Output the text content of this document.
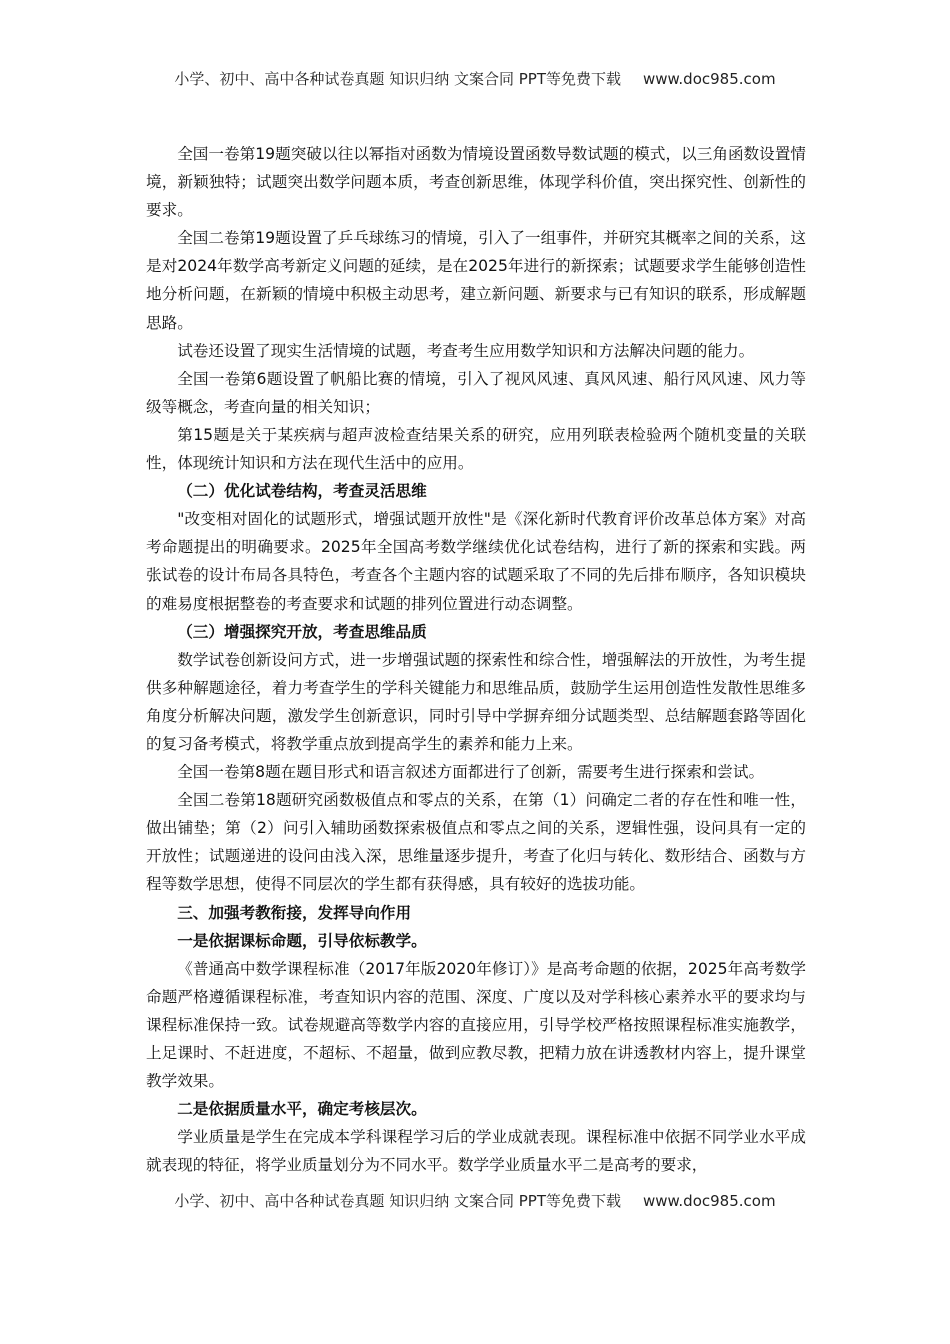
小学、初中、高中各种试卷真题 知识归纳 文案合同 PPT等免费下载 www.doc985.com

全国一卷第19题突破以往以幂指对函数为情境设置函数导数试题的模式，以三角函数设置情境，新颖独特；试题突出数学问题本质，考查创新思维，体现学科价值，突出探究性、创新性的要求。

全国二卷第19题设置了乒乓球练习的情境，引入了一组事件，并研究其概率之间的关系，这是对2024年数学高考新定义问题的延续，是在2025年进行的新探索；试题要求学生能够创造性地分析问题，在新颖的情境中积极主动思考，建立新问题、新要求与已有知识的联系，形成解题思路。

试卷还设置了现实生活情境的试题，考查考生应用数学知识和方法解决问题的能力。

全国一卷第6题设置了帆船比赛的情境，引入了视风风速、真风风速、船行风风速、风力等级等概念，考查向量的相关知识；

第15题是关于某疾病与超声波检查结果关系的研究，应用列联表检验两个随机变量的关联性，体现统计知识和方法在现代生活中的应用。

（二）优化试卷结构，考查灵活思维

"改变相对固化的试题形式，增强试题开放性"是《深化新时代教育评价改革总体方案》对高考命题提出的明确要求。2025年全国高考数学继续优化试卷结构，进行了新的探索和实践。两张试卷的设计布局各具特色，考查各个主题内容的试题采取了不同的先后排布顺序，各知识模块的难易度根据整卷的考查要求和试题的排列位置进行动态调整。

（三）增强探究开放，考查思维品质

数学试卷创新设问方式，进一步增强试题的探索性和综合性，增强解法的开放性，为考生提供多种解题途径，着力考查学生的学科关键能力和思维品质，鼓励学生运用创造性发散性思维多角度分析解决问题，激发学生创新意识，同时引导中学摒弃细分试题类型、总结解题套路等固化的复习备考模式，将教学重点放到提高学生的素养和能力上来。

全国一卷第8题在题目形式和语言叙述方面都进行了创新，需要考生进行探索和尝试。

全国二卷第18题研究函数极值点和零点的关系，在第（1）问确定二者的存在性和唯一性，做出铺垫；第（2）问引入辅助函数探索极值点和零点之间的关系，逻辑性强，设问具有一定的开放性；试题递进的设问由浅入深，思维量逐步提升，考查了化归与转化、数形结合、函数与方程等数学思想，使得不同层次的学生都有获得感，具有较好的选拔功能。

三、加强考教衔接，发挥导向作用

一是依据课标命题，引导依标教学。

《普通高中数学课程标准（2017年版2020年修订）》是高考命题的依据，2025年高考数学命题严格遵循课程标准，考查知识内容的范围、深度、广度以及对学科核心素养水平的要求均与课程标准保持一致。试卷规避高等数学内容的直接应用，引导学校严格按照课程标准实施教学，上足课时、不赶进度，不超标、不超量，做到应教尽教，把精力放在讲透教材内容上，提升课堂教学效果。

二是依据质量水平，确定考核层次。

学业质量是学生在完成本学科课程学习后的学业成就表现。课程标准中依据不同学业水平成就表现的特征，将学业质量划分为不同水平。数学学业质量水平二是高考的要求，

小学、初中、高中各种试卷真题 知识归纳 文案合同 PPT等免费下载 www.doc985.com
